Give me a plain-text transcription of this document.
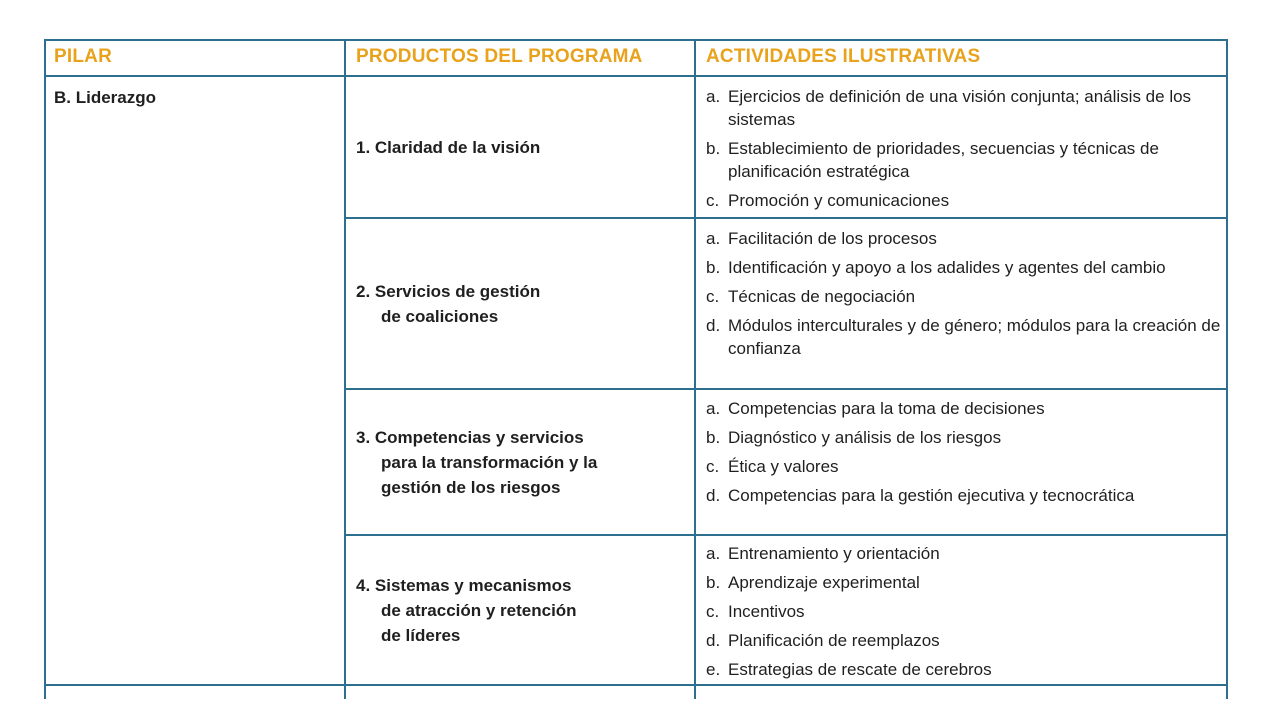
PILAR	PRODUCTOS DEL PROGRAMA	ACTIVIDADES ILUSTRATIVAS
B. Liderazgo
1. Claridad de la visión
a. Ejercicios de definición de una visión conjunta; análisis de los sistemas
b. Establecimiento de prioridades, secuencias y técnicas de planificación estratégica
c. Promoción y comunicaciones
2. Servicios de gestión
de coaliciones
a. Facilitación de los procesos
b. Identificación y apoyo a los adalides y agentes del cambio
c. Técnicas de negociación
d. Módulos interculturales y de género; módulos para la creación de confianza
3. Competencias y servicios
para la transformación y la
gestión de los riesgos
a. Competencias para la toma de decisiones
b. Diagnóstico y análisis de los riesgos
c. Ética y valores
d. Competencias para la gestión ejecutiva y tecnocrática
4. Sistemas y mecanismos
de atracción y retención
de líderes
a. Entrenamiento y orientación
b. Aprendizaje experimental
c. Incentivos
d. Planificación de reemplazos
e. Estrategias de rescate de cerebros
